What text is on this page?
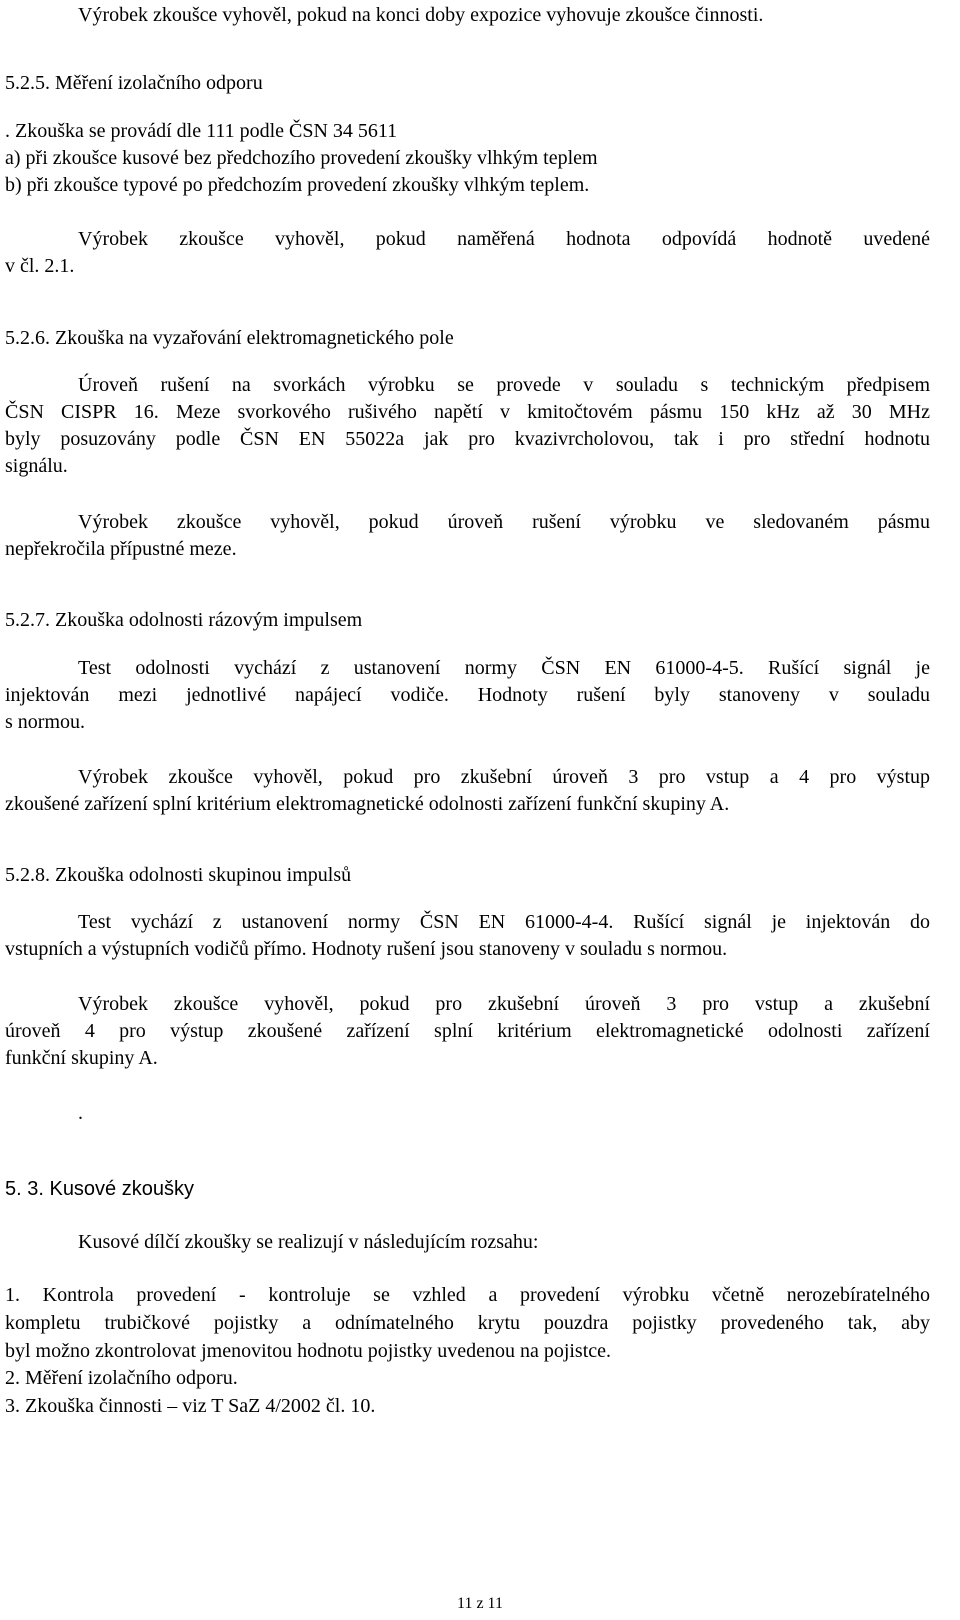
Výrobek zkoušce vyhověl, pokud na konci doby expozice vyhovuje zkoušce činnosti.
5.2.5. Měření izolačního odporu
. Zkouška se provádí dle 111 podle ČSN 34 5611
a) při zkoušce kusové bez předchozího provedení zkoušky vlhkým teplem
b) při zkoušce typové po předchozím provedení zkoušky vlhkým teplem.
Výrobek zkoušce vyhověl, pokud naměřená hodnota odpovídá hodnotě uvedené
v čl. 2.1.
5.2.6. Zkouška na vyzařování elektromagnetického pole
Úroveň rušení na svorkách výrobku se provede v souladu s technickým předpisem
ČSN CISPR 16. Meze svorkového rušivého napětí v kmitočtovém pásmu 150 kHz až 30 MHz
byly posuzovány podle ČSN EN 55022a jak pro kvazivrcholovou, tak i pro střední hodnotu
signálu.
Výrobek zkoušce vyhověl, pokud úroveň rušení výrobku ve sledovaném pásmu
nepřekročila přípustné meze.
5.2.7. Zkouška odolnosti rázovým impulsem
Test odolnosti vychází z ustanovení normy ČSN EN 61000-4-5. Rušící signál je
injektován mezi jednotlivé napájecí vodiče. Hodnoty rušení byly stanoveny v souladu
s normou.
Výrobek zkoušce vyhověl, pokud pro zkušební úroveň 3 pro vstup a 4 pro výstup
zkoušené zařízení splní kritérium elektromagnetické odolnosti zařízení funkční skupiny A.
5.2.8. Zkouška odolnosti skupinou impulsů
Test vychází z ustanovení normy ČSN EN 61000-4-4. Rušící signál je injektován do
vstupních a výstupních vodičů přímo. Hodnoty rušení jsou stanoveny v souladu s normou.
Výrobek zkoušce vyhověl, pokud pro zkušební úroveň 3 pro vstup a zkušební
úroveň 4 pro výstup zkoušené zařízení splní kritérium elektromagnetické odolnosti zařízení
funkční skupiny A.
.
5. 3. Kusové zkoušky
Kusové dílčí zkoušky se realizují v následujícím rozsahu:
1. Kontrola provedení - kontroluje se vzhled a provedení výrobku včetně nerozebíratelného
kompletu trubičkové pojistky a odnímatelného krytu pouzdra pojistky provedeného tak, aby
byl možno zkontrolovat jmenovitou hodnotu pojistky uvedenou na pojistce.
2. Měření izolačního odporu.
3. Zkouška činnosti – viz T SaZ 4/2002 čl. 10.
11 z 11
